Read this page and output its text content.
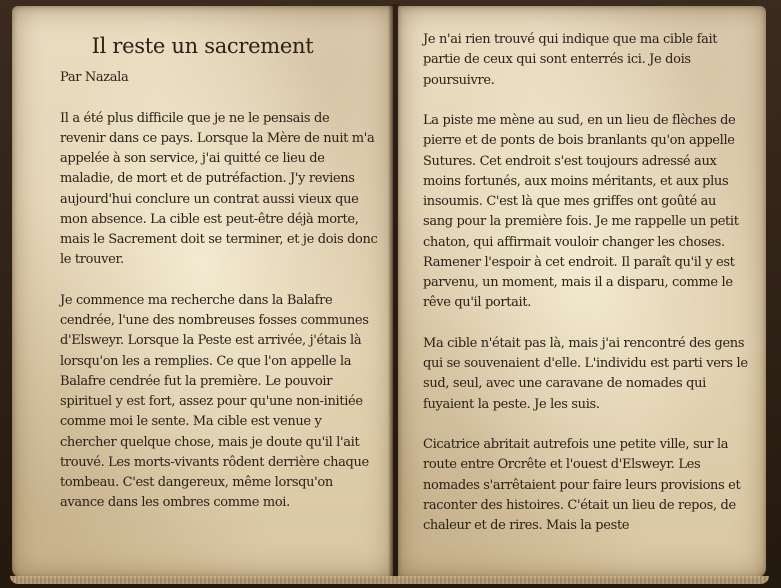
Il reste un sacrement
Par Nazala

Il a été plus difficile que je ne le pensais de revenir dans ce pays. Lorsque la Mère de nuit m'a appelée à son service, j'ai quitté ce lieu de maladie, de mort et de putréfaction. J'y reviens aujourd'hui conclure un contrat aussi vieux que mon absence. La cible est peut-être déjà morte, mais le Sacrement doit se terminer, et je dois donc le trouver.

Je commence ma recherche dans la Balafre cendrée, l'une des nombreuses fosses communes d'Elsweyr. Lorsque la Peste est arrivée, j'étais là lorsqu'on les a remplies. Ce que l'on appelle la Balafre cendrée fut la première. Le pouvoir spirituel y est fort, assez pour qu'une non-initiée comme moi le sente. Ma cible est venue y chercher quelque chose, mais je doute qu'il l'ait trouvé. Les morts-vivants rôdent derrière chaque tombeau. C'est dangereux, même lorsqu'on avance dans les ombres comme moi.

Je n'ai rien trouvé qui indique que ma cible fait partie de ceux qui sont enterrés ici. Je dois poursuivre.

La piste me mène au sud, en un lieu de flèches de pierre et de ponts de bois branlants qu'on appelle Sutures. Cet endroit s'est toujours adressé aux moins fortunés, aux moins méritants, et aux plus insoumis. C'est là que mes griffes ont goûté au sang pour la première fois. Je me rappelle un petit chaton, qui affirmait vouloir changer les choses. Ramener l'espoir à cet endroit. Il paraît qu'il y est parvenu, un moment, mais il a disparu, comme le rêve qu'il portait.

Ma cible n'était pas là, mais j'ai rencontré des gens qui se souvenaient d'elle. L'individu est parti vers le sud, seul, avec une caravane de nomades qui fuyaient la peste. Je les suis.

Cicatrice abritait autrefois une petite ville, sur la route entre Orcrête et l'ouest d'Elsweyr. Les nomades s'arrêtaient pour faire leurs provisions et raconter des histoires. C'était un lieu de repos, de chaleur et de rires. Mais la peste
